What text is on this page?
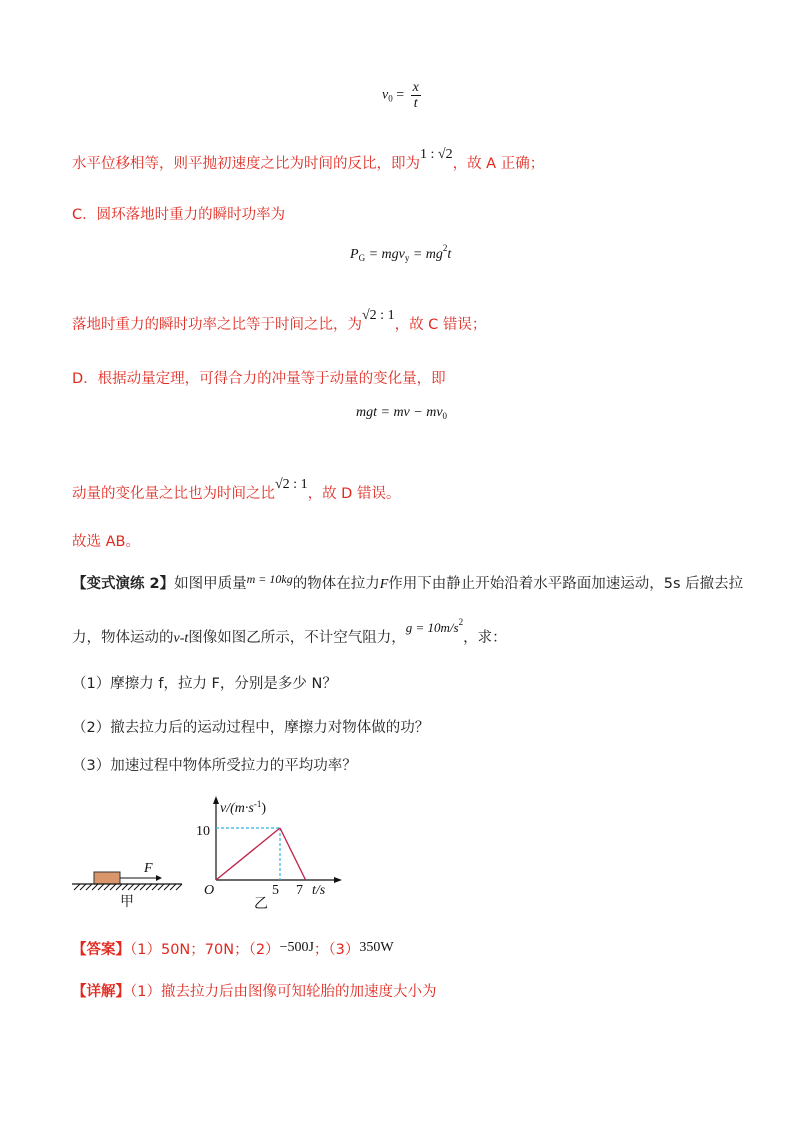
$v_0 = \frac{x}{t}$
水平位移相等，则平抛初速度之比为时间的反比，即为1 : √2，故 A 正确；
C．圆环落地时重力的瞬时功率为
$P_G = mgv_y = mg^2t$
落地时重力的瞬时功率之比等于时间之比，为√2 : 1，故 C 错误；
D．根据动量定理，可得合力的冲量等于动量的变化量，即
mgt = mv − $mv_0$
动量的变化量之比也为时间之比√2 : 1，故 D 错误。
故选 AB。
【变式演练 2】如图甲质量$^{m = 10kg}$的物体在拉力F作用下由静止开始沿着水平路面加速运动，5s 后撤去拉
力，物体运动的v-t图像如图乙所示，不计空气阻力，$g = 10m/s^2$，求：
（1）摩擦力 f，拉力 F，分别是多少 N？
（2）撤去拉力后的运动过程中，摩擦力对物体做的功？
（3）加速过程中物体所受拉力的平均功率？
F
甲
$v/(m\cdot s^{-1})$
10
O	5 7 t/s
乙
【答案】（1）50N；70N；（2）−500J；（3）350W
【详解】（1）撤去拉力后由图像可知轮胎的加速度大小为
